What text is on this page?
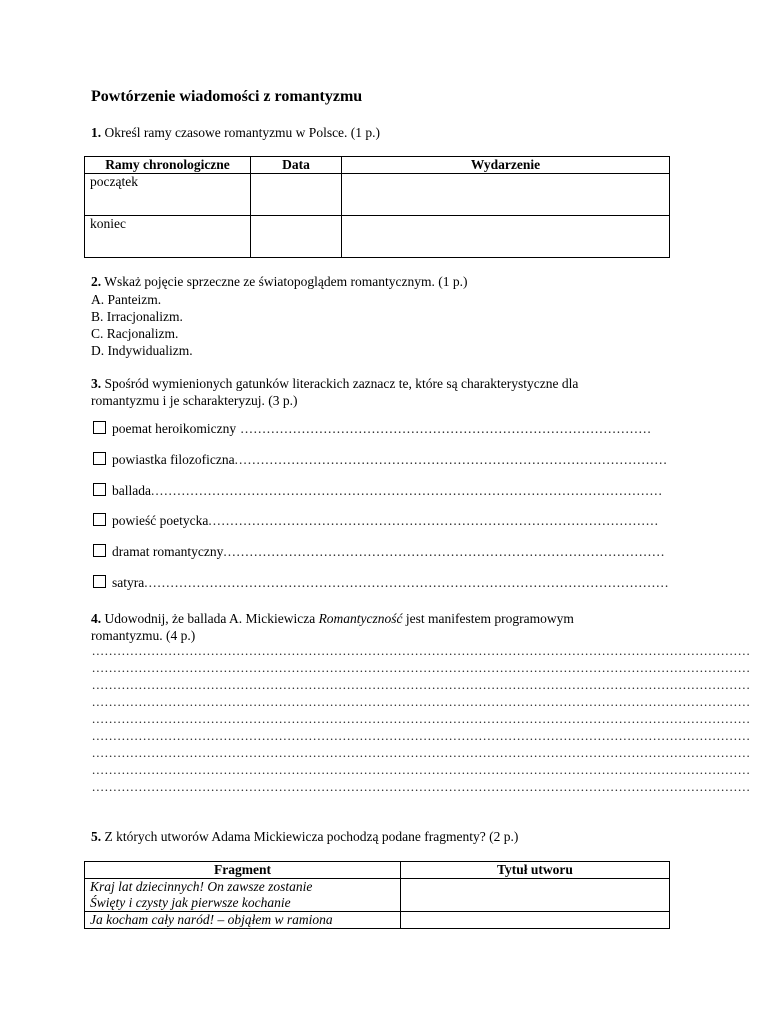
Powtórzenie wiadomości z romantyzmu
1. Określ ramy czasowe romantyzmu w Polsce. (1 p.)
Ramy chronologiczne	Data	Wydarzenie
początek		
koniec		
2. Wskaż pojęcie sprzeczne ze światopoglądem romantycznym. (1 p.)
A. Panteizm.
B. Irracjonalizm.
C. Racjonalizm.
D. Indywidualizm.
3. Spośród wymienionych gatunków literackich zaznacz te, które są charakterystyczne dla
romantyzmu i je scharakteryzuj. (3 p.)
poemat heroikomiczny ..............................................................................................
powiastka filozoficzna...................................................................................................
ballada.....................................................................................................................
powieść poetycka.......................................................................................................
dramat romantyczny.....................................................................................................
satyra........................................................................................................................
4. Udowodnij, że ballada A. Mickiewicza Romantyczność jest manifestem programowym
romantyzmu. (4 p.)
...........................................................................................................................................................
...........................................................................................................................................................
...........................................................................................................................................................
...........................................................................................................................................................
...........................................................................................................................................................
...........................................................................................................................................................
...........................................................................................................................................................
...........................................................................................................................................................
...........................................................................................................................................................
5. Z których utworów Adama Mickiewicza pochodzą podane fragmenty? (2 p.)
Fragment	Tytuł utworu

Kraj lat dziecinnych! On zawsze zostanie
Święty i czysty jak pierwsze kochanie	

Ja kocham cały naród! – objąłem w ramiona	
